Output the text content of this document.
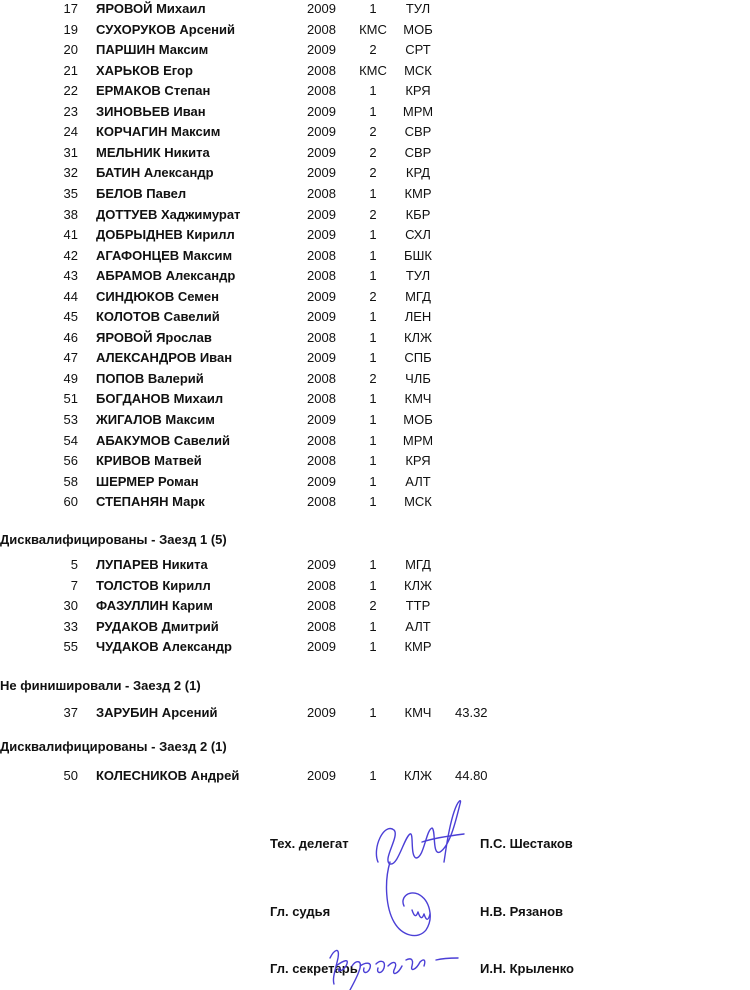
17 ЯРОВОЙ Михаил	2009	1	ТУЛ
19 СУХОРУКОВ Арсений	2008	КМС	МОБ
20 ПАРШИН Максим	2009	2	СРТ
21 ХАРЬКОВ Егор	2008	КМС	МСК
22 ЕРМАКОВ Степан	2008	1	КРЯ
23 ЗИНОВЬЕВ Иван	2009	1	МРМ
24 КОРЧАГИН Максим	2009	2	СВР
31 МЕЛЬНИК Никита	2009	2	СВР
32 БАТИН Александр	2009	2	КРД
35 БЕЛОВ Павел	2008	1	КМР
38 ДОТТУЕВ Хаджимурат	2009	2	КБР
41 ДОБРЫДНЕВ Кирилл	2009	1	СХЛ
42 АГАФОНЦЕВ Максим	2008	1	БШК
43 АБРАМОВ Александр	2008	1	ТУЛ
44 СИНДЮКОВ Семен	2009	2	МГД
45 КОЛОТОВ Савелий	2009	1	ЛЕН
46 ЯРОВОЙ Ярослав	2008	1	КЛЖ
47 АЛЕКСАНДРОВ Иван	2009	1	СПБ
49 ПОПОВ Валерий	2008	2	ЧЛБ
51 БОГДАНОВ Михаил	2008	1	КМЧ
53 ЖИГАЛОВ Максим	2009	1	МОБ
54 АБАКУМОВ Савелий	2008	1	МРМ
56 КРИВОВ Матвей	2008	1	КРЯ
58 ШЕРМЕР Роман	2009	1	АЛТ
60 СТЕПАНЯН Марк	2008	1	МСК
Дисквалифицированы - Заезд 1 (5)
5 ЛУПАРЕВ Никита	2009	1	МГД
7 ТОЛСТОВ Кирилл	2008	1	КЛЖ
30 ФАЗУЛЛИН Карим	2008	2	ТТР
33 РУДАКОВ Дмитрий	2008	1	АЛТ
55 ЧУДАКОВ Александр	2009	1	КМР
Не финишировали - Заезд 2 (1)
37 ЗАРУБИН Арсений	2009	1	КМЧ	43.32
Дисквалифицированы - Заезд 2 (1)
50 КОЛЕСНИКОВ Андрей	2009	1	КЛЖ	44.80
Тех. делегат	П.С. Шестаков
Гл. судья	Н.В. Рязанов
Гл. секретарь	И.Н. Крыленко
